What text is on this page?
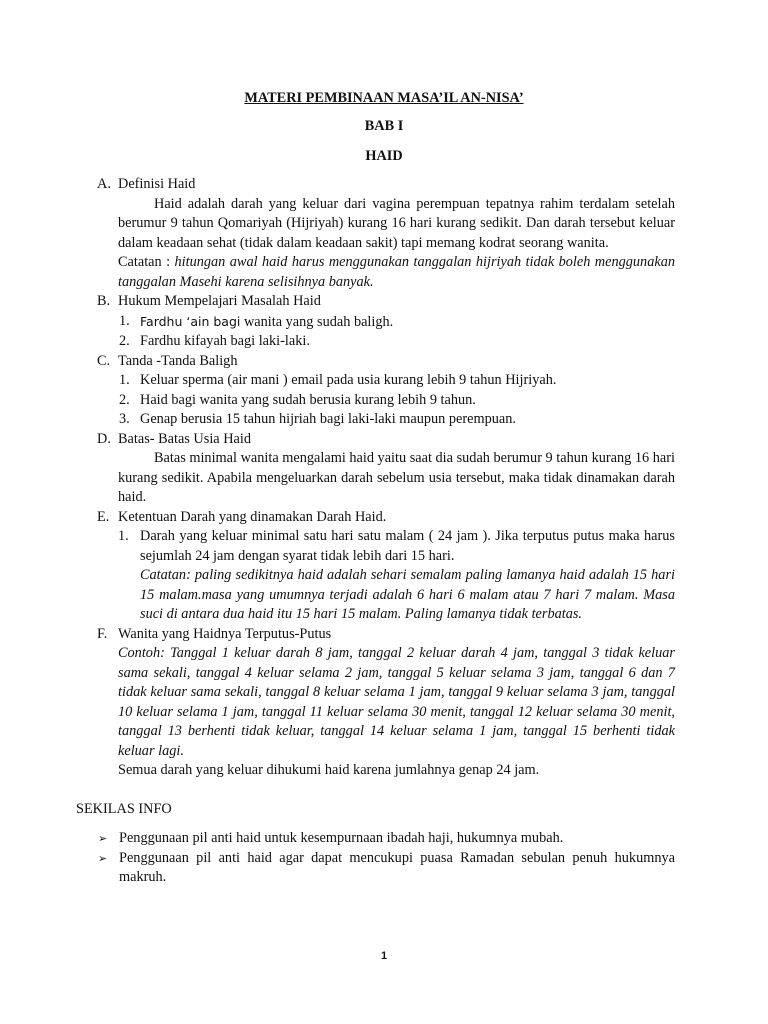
MATERI PEMBINAAN MASA’IL AN-NISA’
BAB I
HAID
A. Definisi Haid
Haid adalah darah yang keluar dari vagina perempuan tepatnya rahim terdalam setelah berumur 9 tahun Qomariyah (Hijriyah) kurang 16 hari kurang sedikit. Dan darah tersebut keluar dalam keadaan sehat (tidak dalam keadaan sakit) tapi memang kodrat seorang wanita.
Catatan : hitungan awal haid harus menggunakan tanggalan hijriyah tidak boleh menggunakan tanggalan Masehi karena selisihnya banyak.
B. Hukum Mempelajari Masalah Haid
1. Fardhu ‘ain bagi wanita yang sudah baligh.
2. Fardhu kifayah bagi laki-laki.
C. Tanda -Tanda Baligh
1. Keluar sperma (air mani ) email pada usia kurang lebih 9 tahun Hijriyah.
2. Haid bagi wanita yang sudah berusia kurang lebih 9 tahun.
3. Genap berusia 15 tahun hijriah bagi laki-laki maupun perempuan.
D. Batas- Batas Usia Haid
Batas minimal wanita mengalami haid yaitu saat dia sudah berumur 9 tahun kurang 16 hari kurang sedikit. Apabila mengeluarkan darah sebelum usia tersebut, maka tidak dinamakan darah haid.
E. Ketentuan Darah yang dinamakan Darah Haid.
1. Darah yang keluar minimal satu hari satu malam ( 24 jam ). Jika terputus putus maka harus sejumlah 24 jam dengan syarat tidak lebih dari 15 hari.
Catatan: paling sedikitnya haid adalah sehari semalam paling lamanya haid adalah 15 hari 15 malam.masa yang umumnya terjadi adalah 6 hari 6 malam atau 7 hari 7 malam. Masa suci di antara dua haid itu 15 hari 15 malam. Paling lamanya tidak terbatas.
F. Wanita yang Haidnya Terputus-Putus
Contoh: Tanggal 1 keluar darah 8 jam, tanggal 2 keluar darah 4 jam, tanggal 3 tidak keluar sama sekali, tanggal 4 keluar selama 2 jam, tanggal 5 keluar selama 3 jam, tanggal 6 dan 7 tidak keluar sama sekali, tanggal 8 keluar selama 1 jam, tanggal 9 keluar selama 3 jam, tanggal 10 keluar selama 1 jam, tanggal 11 keluar selama 30 menit, tanggal 12 keluar selama 30 menit, tanggal 13 berhenti tidak keluar, tanggal 14 keluar selama 1 jam, tanggal 15 berhenti tidak keluar lagi.
Semua darah yang keluar dihukumi haid karena jumlahnya genap 24 jam.
SEKILAS INFO
➢ Penggunaan pil anti haid untuk kesempurnaan ibadah haji, hukumnya mubah.
➢ Penggunaan pil anti haid agar dapat mencukupi puasa Ramadan sebulan penuh hukumnya makruh.
1
